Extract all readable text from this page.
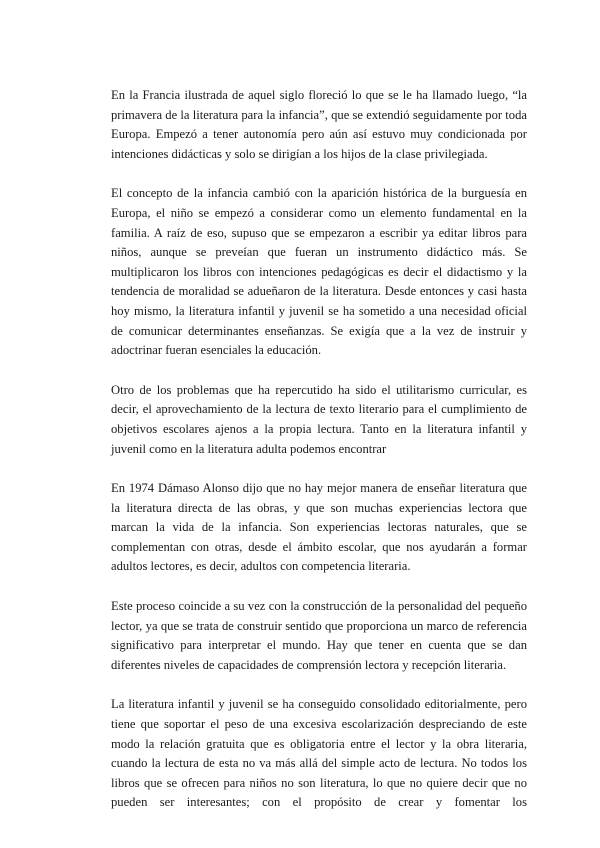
En la Francia ilustrada de aquel siglo floreció lo que se le ha llamado luego, “la primavera de la literatura para la infancia”, que se extendió seguidamente por toda Europa. Empezó a tener autonomía pero aún así estuvo muy condicionada por intenciones didácticas y solo se dirigían a los hijos de la clase privilegiada.

El concepto de la infancia cambió con la aparición histórica de la burguesía en Europa, el niño se empezó a considerar como un elemento fundamental en la familia. A raíz de eso, supuso que se empezaron a escribir ya editar libros para niños, aunque se preveían que fueran un instrumento didáctico más. Se multiplicaron los libros con intenciones pedagógicas es decir el didactismo y la tendencia de moralidad se adueñaron de la literatura. Desde entonces y casi hasta hoy mismo, la literatura infantil y juvenil se ha sometido a una necesidad oficial de comunicar determinantes enseñanzas. Se exigía que a la vez de instruir y adoctrinar fueran esenciales la educación.

Otro de los problemas que ha repercutido ha sido el utilitarismo curricular, es decir, el aprovechamiento de la lectura de texto literario para el cumplimiento de objetivos escolares ajenos a la propia lectura. Tanto en la literatura infantil y juvenil como en la literatura adulta podemos encontrar

En 1974 Dámaso Alonso dijo que no hay mejor manera de enseñar literatura que la literatura directa de las obras, y que son muchas experiencias lectora que marcan la vida de la infancia. Son experiencias lectoras naturales, que se complementan con otras, desde el ámbito escolar, que nos ayudarán a formar adultos lectores, es decir, adultos con competencia literaria.

Este proceso coincide a su vez con la construcción de la personalidad del pequeño lector, ya que se trata de construir sentido que proporciona un marco de referencia significativo para interpretar el mundo. Hay que tener en cuenta que se dan diferentes niveles de capacidades de comprensión lectora y recepción literaria.

La literatura infantil y juvenil se ha conseguido consolidado editorialmente, pero tiene que soportar el peso de una excesiva escolarización despreciando de este modo la relación gratuita que es obligatoria entre el lector y la obra literaria, cuando la lectura de esta no va más allá del simple acto de lectura. No todos los libros que se ofrecen para niños no son literatura, lo que no quiere decir que no pueden ser interesantes; con el propósito de crear y fomentar los
